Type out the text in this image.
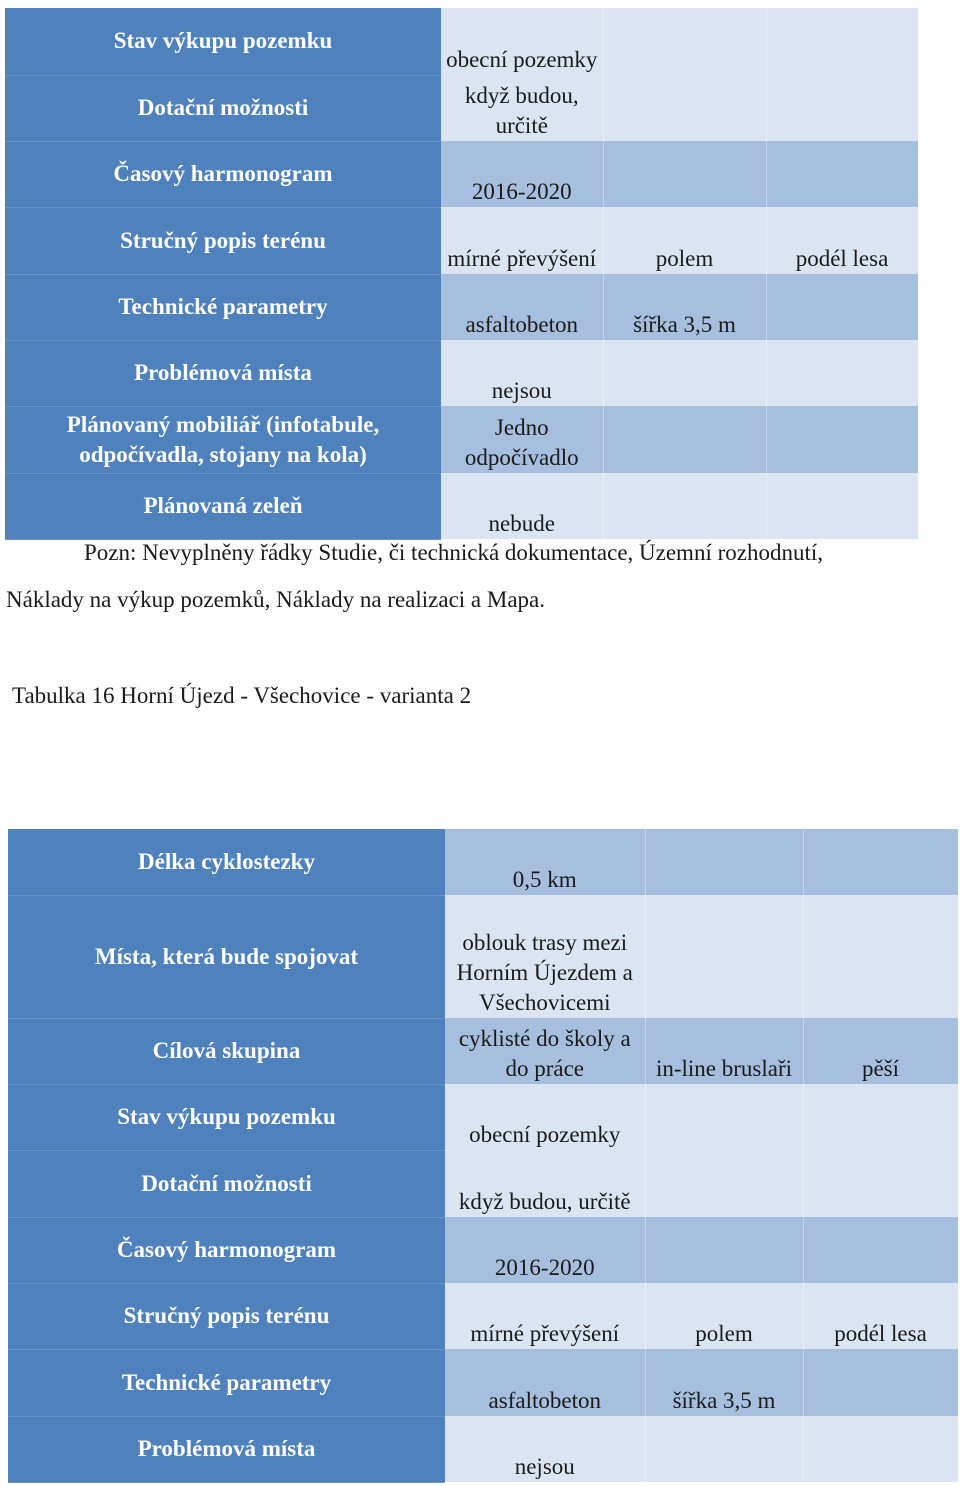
Stav výkupu pozemku	obecní pozemky		
Dotační možnosti	když budou, určitě		
Časový harmonogram	2016-2020		
Stručný popis terénu	mírné převýšení	polem	podél lesa
Technické parametry	asfaltobeton	šířka 3,5 m	
Problémová místa	nejsou		
Plánovaný mobiliář (infotabule, odpočívadla, stojany na kola)	Jedno odpočívadlo		
Plánovaná zeleň	nebude		

Pozn: Nevyplněny řádky Studie, či technická dokumentace, Územní rozhodnutí,

Náklady na výkup pozemků, Náklady na realizaci a Mapa.

Tabulka 16 Horní Újezd - Všechovice - varianta 2

Délka cyklostezky	0,5 km		
Místa, která bude spojovat	oblouk trasy mezi Horním Újezdem a Všechovicemi		
Cílová skupina	cyklisté do školy a do práce	in-line bruslaři	pěší
Stav výkupu pozemku	obecní pozemky		
Dotační možnosti	když budou, určitě		
Časový harmonogram	2016-2020		
Stručný popis terénu	mírné převýšení	polem	podél lesa
Technické parametry	asfaltobeton	šířka 3,5 m	
Problémová místa	nejsou		
